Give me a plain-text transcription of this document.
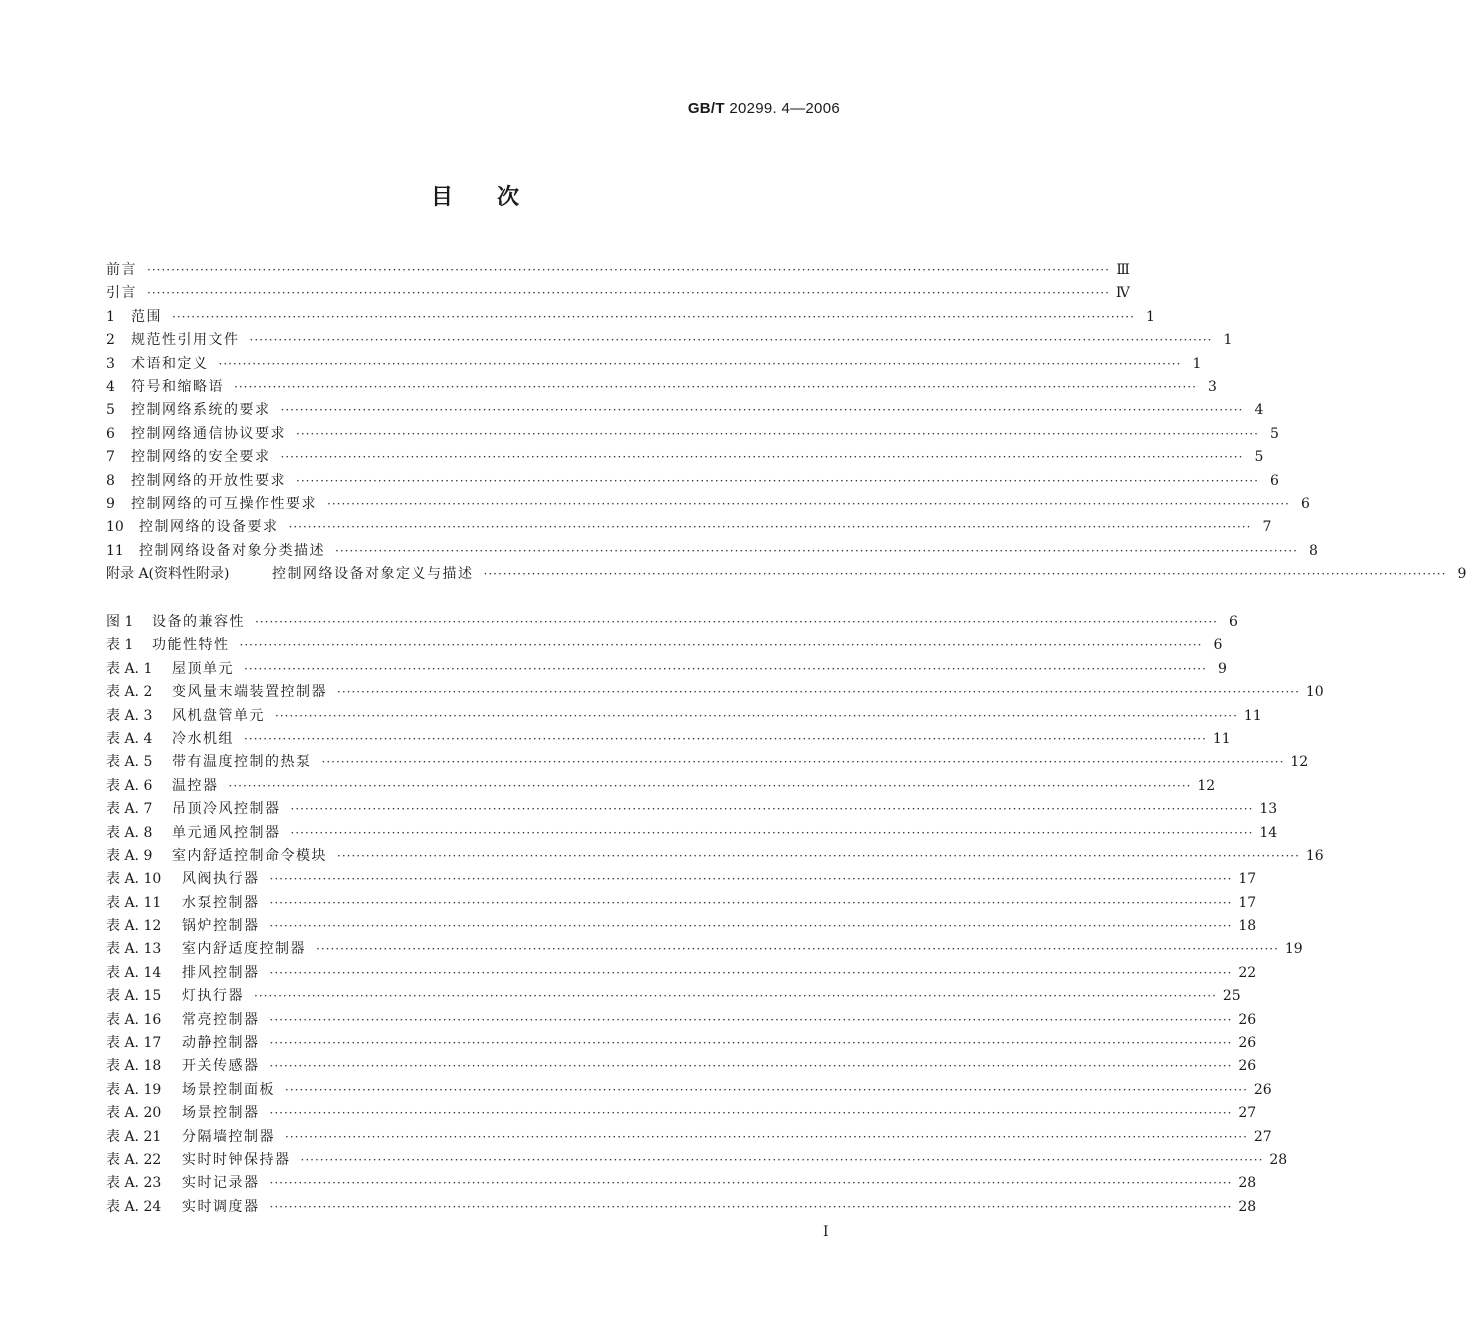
GB/T 20299. 4—2006
目次
前言 ········································································································································································································ Ⅲ
引言 ········································································································································································································ Ⅳ
1	范围 ········································································································································································································ 1
2	规范性引用文件 ········································································································································································································ 1
3	术语和定义 ········································································································································································································ 1
4	符号和缩略语 ········································································································································································································ 3
5	控制网络系统的要求 ········································································································································································································ 4
6	控制网络通信协议要求 ········································································································································································································ 5
7	控制网络的安全要求 ········································································································································································································ 5
8	控制网络的开放性要求 ········································································································································································································ 6
9	控制网络的可互操作性要求 ········································································································································································································ 6
10	控制网络的设备要求 ········································································································································································································ 7
11	控制网络设备对象分类描述 ········································································································································································································ 8
附录 A(资料性附录)	控制网络设备对象定义与描述 ········································································································································································································ 9
图 1	设备的兼容性 ········································································································································································································ 6
表 1	功能性特性 ········································································································································································································ 6
表 A. 1	屋顶单元 ········································································································································································································ 9
表 A. 2	变风量末端装置控制器 ········································································································································································································ 10
表 A. 3	风机盘管单元 ········································································································································································································ 11
表 A. 4	冷水机组 ········································································································································································································ 11
表 A. 5	带有温度控制的热泵 ········································································································································································································ 12
表 A. 6	温控器 ········································································································································································································ 12
表 A. 7	吊顶冷风控制器 ········································································································································································································ 13
表 A. 8	单元通风控制器 ········································································································································································································ 14
表 A. 9	室内舒适控制命令模块 ········································································································································································································ 16
表 A. 10	风阀执行器 ········································································································································································································ 17
表 A. 11	水泵控制器 ········································································································································································································ 17
表 A. 12	锅炉控制器 ········································································································································································································ 18
表 A. 13	室内舒适度控制器 ········································································································································································································ 19
表 A. 14	排风控制器 ········································································································································································································ 22
表 A. 15	灯执行器 ········································································································································································································ 25
表 A. 16	常亮控制器 ········································································································································································································ 26
表 A. 17	动静控制器 ········································································································································································································ 26
表 A. 18	开关传感器 ········································································································································································································ 26
表 A. 19	场景控制面板 ········································································································································································································ 26
表 A. 20	场景控制器 ········································································································································································································ 27
表 A. 21	分隔墙控制器 ········································································································································································································ 27
表 A. 22	实时时钟保持器 ········································································································································································································ 28
表 A. 23	实时记录器 ········································································································································································································ 28
表 A. 24	实时调度器 ········································································································································································································ 28
I
